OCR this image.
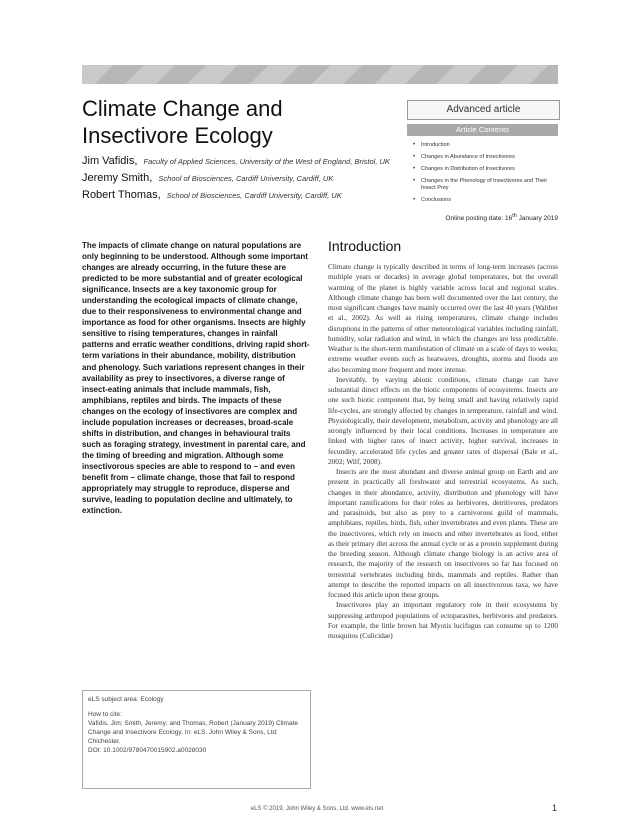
Climate Change and
Insectivore Ecology
Jim Vafidis, Faculty of Applied Sciences, University of the West of England, Bristol, UK
Jeremy Smith, School of Biosciences, Cardiff University, Cardiff, UK
Robert Thomas, School of Biosciences, Cardiff University, Cardiff, UK
Advanced article
Article Contents
• Introduction
• Changes in Abundance of Insectivores
• Changes in Distribution of Insectivores
• Changes in the Phenology of Insectivores and Their Insect Prey
• Conclusions
Online posting date: 16th January 2019

The impacts of climate change on natural populations are only beginning to be understood. Although some important changes are already occurring, in the future these are predicted to be more substantial and of greater ecological significance. Insects are a key taxonomic group for understanding the ecological impacts of climate change, due to their responsiveness to environmental change and importance as food for other organisms. Insects are highly sensitive to rising temperatures, changes in rainfall patterns and erratic weather conditions, driving rapid short-term variations in their abundance, mobility, distribution and phenology. Such variations represent changes in their availability as prey to insectivores, a diverse range of insect-eating animals that include mammals, fish, amphibians, reptiles and birds. The impacts of these changes on the ecology of insectivores are complex and include population increases or decreases, broad-scale shifts in distribution, and changes in behavioural traits such as foraging strategy, investment in parental care, and the timing of breeding and migration. Although some insectivorous species are able to respond to – and even benefit from – climate change, those that fail to respond appropriately may struggle to reproduce, disperse and survive, leading to population decline and ultimately, to extinction.

eLS subject area: Ecology

How to cite:

Vafidis, Jim; Smith, Jeremy; and Thomas, Robert (January 2019) Climate Change and Insectivore Ecology. In: eLS. John Wiley & Sons, Ltd: Chichester.

DOI: 10.1002/9780470015902.a0028030

Introduction

Climate change is typically described in terms of long-term increases (across multiple years or decades) in average global temperatures, but the overall warming of the planet is highly variable across local and regional scales. Although climate change has been well documented over the last century, the most significant changes have mainly occurred over the last 40 years (Walther et al., 2002). As well as rising temperatures, climate change includes disruptions in the patterns of other meteorological variables including rainfall, humidity, solar radiation and wind, in which the changes are less predictable. Weather is the short-term manifestation of climate on a scale of days to weeks; extreme weather events such as heatwaves, droughts, storms and floods are also becoming more frequent and more intense.

Inevitably, by varying abiotic conditions, climate change can have substantial direct effects on the biotic components of ecosystems. Insects are one such biotic component that, by being small and having relatively rapid life-cycles, are strongly affected by changes in temperature, rainfall and wind. Physiologically, their development, metabolism, activity and phenology are all strongly influenced by their local conditions. Increases in temperature are linked with higher rates of insect activity, higher survival, increases in fecundity, accelerated life cycles and greater rates of dispersal (Bale et al., 2002; Wilf, 2008).

Insects are the most abundant and diverse animal group on Earth and are present in practically all freshwater and terrestrial ecosystems. As such, changes in their abundance, activity, distribution and phenology will have important ramifications for their roles as herbivores, detritivores, predators and parasitoids, but also as prey to a carnivorous guild of mammals, amphibians, reptiles, birds, fish, other invertebrates and even plants. These are the insectivores, which rely on insects and other invertebrates as food, either as their primary diet across the annual cycle or as a protein supplement during the breeding season. Although climate change biology is an active area of research, the majority of the research on insectivores so far has focused on terrestrial vertebrates including birds, mammals and reptiles. Rather than attempt to describe the reported impacts on all insectivorous taxa, we have focused this article upon these groups.

Insectivores play an important regulatory role in their ecosystems by suppressing arthropod populations of ectoparasites, herbivores and predators. For example, the little brown bat Myotis lucifugus can consume up to 1200 mosquitos (Culicidae)

eLS © 2019, John Wiley & Sons, Ltd. www.els.net	1
